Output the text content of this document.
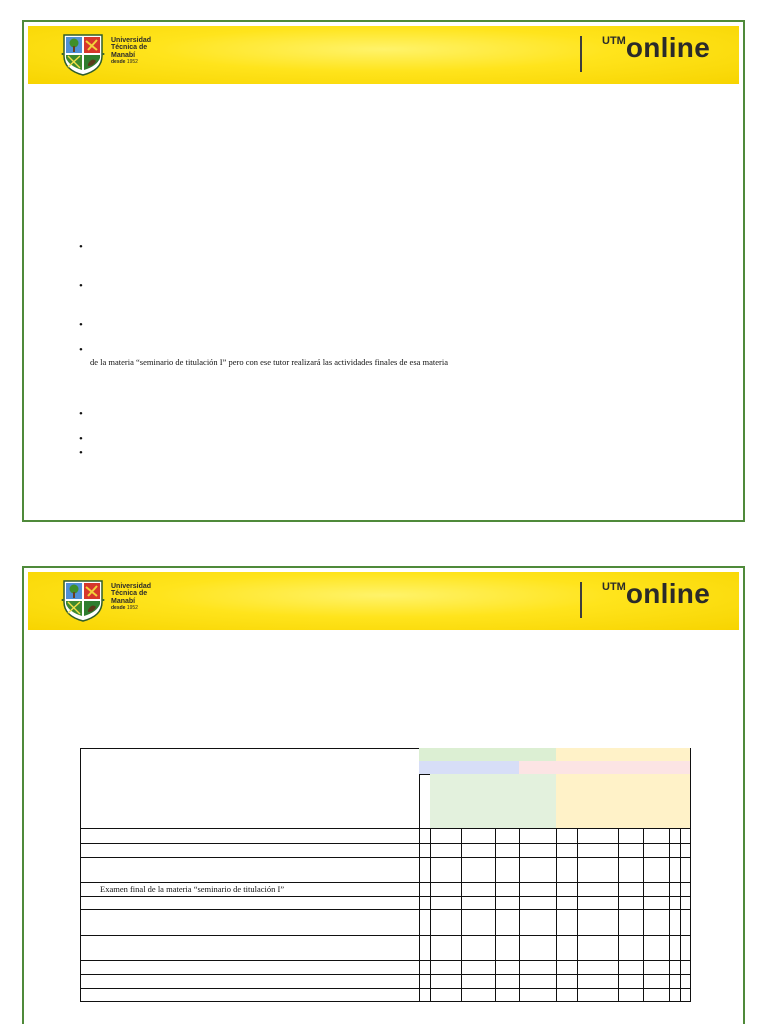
Universidad
Técnica de
Manabí
desde 1952
$^{UTM}$online
•
•
•
•
de la materia “seminario de titulación I” pero con ese tutor realizará las actividades finales de esa materia
•
•
•
Universidad
Técnica de
Manabí
desde 1952
$^{UTM}$online
Examen final de la materia “seminario de titulación I”
